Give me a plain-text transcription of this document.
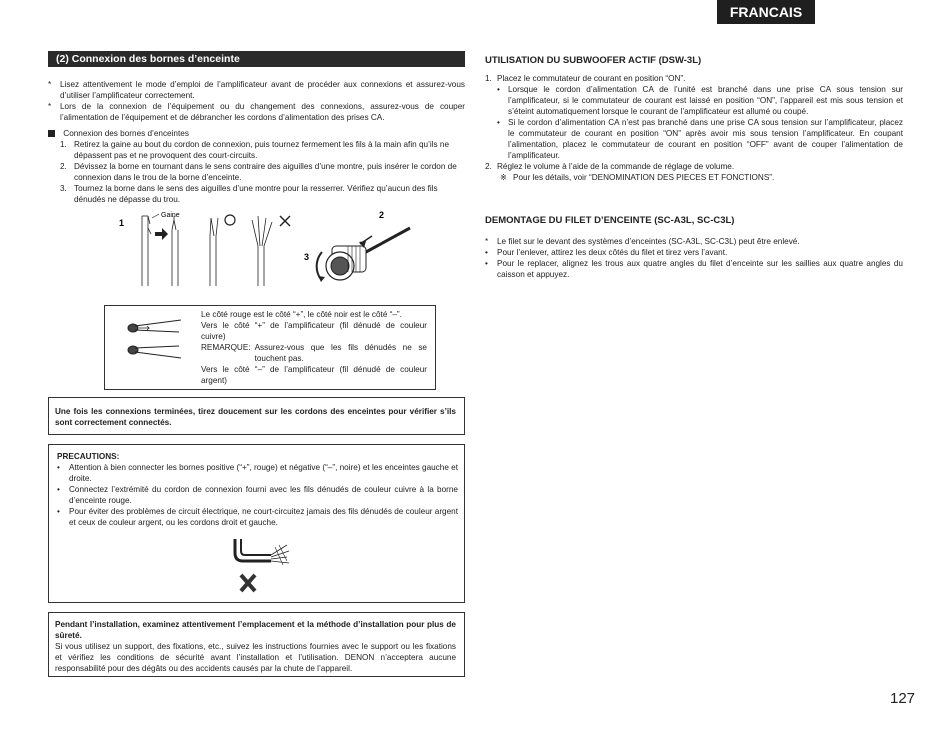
FRANCAIS
127
(2) Connexion des bornes d’enceinte
* Lisez attentivement le mode d’emploi de l’amplificateur avant de procéder aux connexions et assurez-vous d’utiliser l’amplificateur correctement.
* Lors de la connexion de l’équipement ou du changement des connexions, assurez-vous de couper l’alimentation de l’équipement et de débrancher les cordons d’alimentation des prises CA.
Connexion des bornes d’enceintes
1. Retirez la gaine au bout du cordon de connexion, puis tournez fermement les fils à la main afin qu’ils ne dépassent pas et ne provoquent des court-circuits.
2. Dévissez la borne en tournant dans le sens contraire des aiguilles d’une montre, puis insérer le cordon de connexion dans le trou de la borne d’enceinte.
3. Tournez la borne dans le sens des aiguilles d’une montre pour la resserrer. Vérifiez qu’aucun des fils dénudés ne dépasse du trou.
1
2
3
Gaine
Le côté rouge est le côté “+”, le côté noir est le côté “–”.
Vers le côté “+” de l’amplificateur (fil dénudé de couleur cuivre)
REMARQUE: Assurez-vous que les fils dénudés ne se touchent pas.
Vers le côté “–” de l’amplificateur (fil dénudé de couleur argent)
Une fois les connexions terminées, tirez doucement sur les cordons des enceintes pour vérifier s’ils sont correctement connectés.
PRECAUTIONS:
• Attention à bien connecter les bornes positive (“+”, rouge) et négative (“–”, noire) et les enceintes gauche et droite.
• Connectez l’extrémité du cordon de connexion fourni avec les fils dénudés de couleur cuivre à la borne d’enceinte rouge.
• Pour éviter des problèmes de circuit électrique, ne court-circuitez jamais des fils dénudés de couleur argent et ceux de couleur argent, ou les cordons droit et gauche.
Pendant l’installation, examinez attentivement l’emplacement et la méthode d’installation pour plus de sûreté.
Si vous utilisez un support, des fixations, etc., suivez les instructions fournies avec le support ou les fixations et vérifiez les conditions de sécurité avant l’installation et l’utilisation. DENON n’acceptera aucune responsabilité pour des dégâts ou des accidents causés par la chute de l’appareil.
UTILISATION DU SUBWOOFER ACTIF (DSW-3L)
1. Placez le commutateur de courant en position “ON”.
• Lorsque le cordon d’alimentation CA de l’unité est branché dans une prise CA sous tension sur l’amplificateur, si le commutateur de courant est laissé en position “ON”, l’appareil est mis sous tension et s’éteint automatiquement lorsque le courant de l’amplificateur est allumé ou coupé.
• Si le cordon d’alimentation CA n’est pas branché dans une prise CA sous tension sur l’amplificateur, placez le commutateur de courant en position “ON” après avoir mis sous tension l’amplificateur. En coupant l’alimentation, placez le commutateur de courant en position “OFF” avant de couper l’alimentation de l’amplificateur.
2. Réglez le volume à l’aide de la commande de réglage de volume.
※ Pour les détails, voir “DENOMINATION DES PIECES ET FONCTIONS”.
DEMONTAGE DU FILET D’ENCEINTE (SC-A3L, SC-C3L)
* Le filet sur le devant des systèmes d’enceintes (SC-A3L, SC-C3L) peut être enlevé.
• Pour l’enlever, attirez les deux côtés du filet et tirez vers l’avant.
• Pour le replacer, alignez les trous aux quatre angles du filet d’enceinte sur les saillies aux quatre angles du caisson et appuyez.
